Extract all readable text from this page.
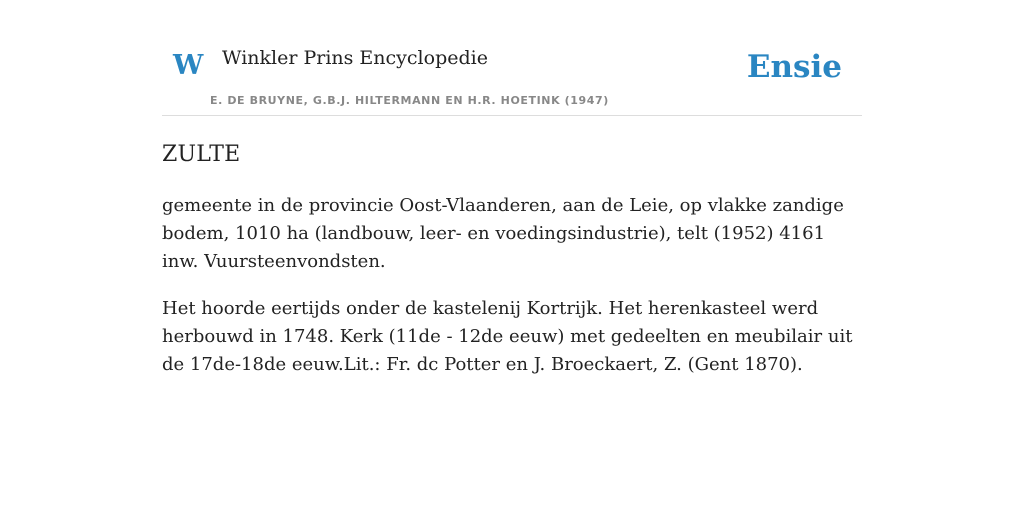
W Winkler Prins Encyclopedie
E. DE BRUYNE, G.B.J. HILTERMANN EN H.R. HOETINK (1947)
Ensie
ZULTE

gemeente in de provincie Oost-Vlaanderen, aan de Leie, op vlakke zandige bodem, 1010 ha (landbouw, leer- en voedingsindustrie), telt (1952) 4161 inw. Vuursteenvondsten.

Het hoorde eertijds onder de kastelenij Kortrijk. Het herenkasteel werd herbouwd in 1748. Kerk (11de - 12de eeuw) met gedeelten en meubilair uit de 17de-18de eeuw.Lit.: Fr. dc Potter en J. Broeckaert, Z. (Gent 1870).
